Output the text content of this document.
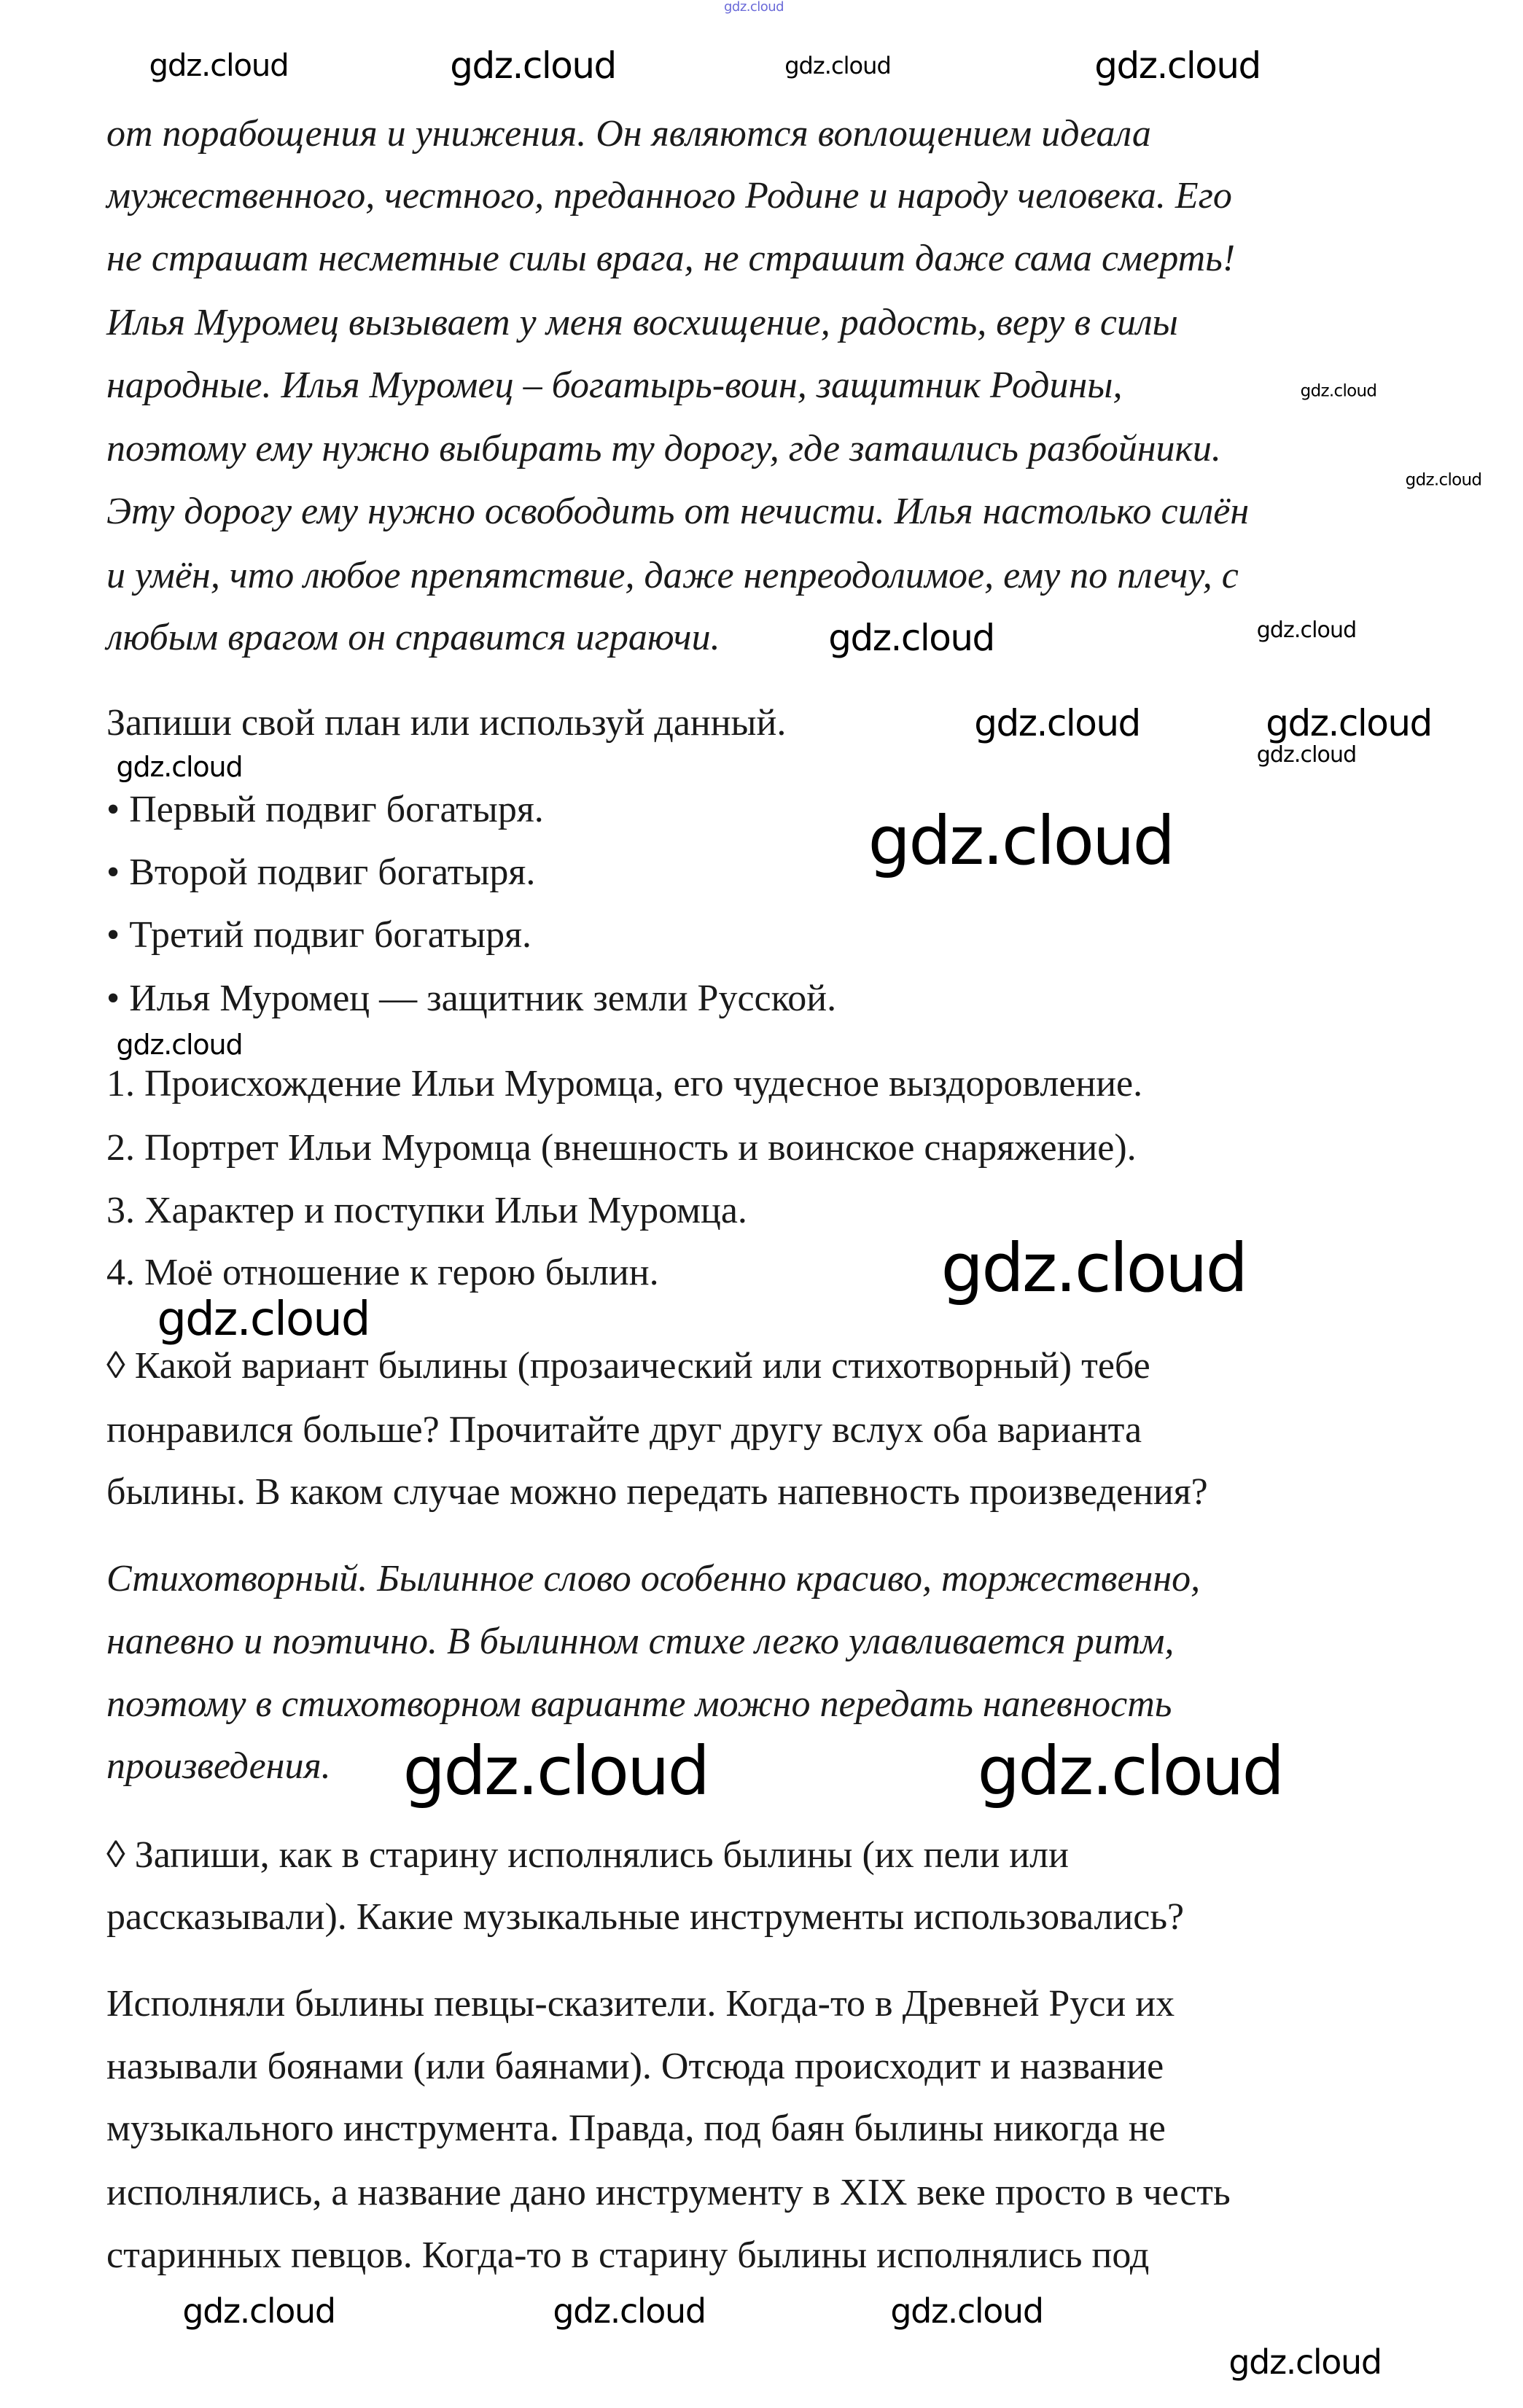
от порабощения и унижения. Он являются воплощением идеала
мужественного, честного, преданного Родине и народу человека. Его
не страшат несметные силы врага, не страшит даже сама смерть!
Илья Муромец вызывает у меня восхищение, радость, веру в силы
народные. Илья Муромец – богатырь-воин, защитник Родины,
поэтому ему нужно выбирать ту дорогу, где затаились разбойники.
Эту дорогу ему нужно освободить от нечисти. Илья настолько силён
и умён, что любое препятствие, даже непреодолимое, ему по плечу, с
любым врагом он справится играючи.
Запиши свой план или используй данный.
• Первый подвиг богатыря.
• Второй подвиг богатыря.
• Третий подвиг богатыря.
• Илья Муромец — защитник земли Русской.
1. Происхождение Ильи Муромца, его чудесное выздоровление.
2. Портрет Ильи Муромца (внешность и воинское снаряжение).
3. Характер и поступки Ильи Муромца.
4. Моё отношение к герою былин.
◊ Какой вариант былины (прозаический или стихотворный) тебе
понравился больше? Прочитайте друг другу вслух оба варианта
былины. В каком случае можно передать напевность произведения?
Стихотворный. Былинное слово особенно красиво, торжественно,
напевно и поэтично. В былинном стихе легко улавливается ритм,
поэтому в стихотворном варианте можно передать напевность
произведения.
◊ Запиши, как в старину исполнялись былины (их пели или
рассказывали). Какие музыкальные инструменты использовались?
Исполняли былины певцы-сказители. Когда-то в Древней Руси их
называли боянами (или баянами). Отсюда происходит и название
музыкального инструмента. Правда, под баян былины никогда не
исполнялись, а название дано инструменту в XIX веке просто в честь
старинных певцов. Когда-то в старину былины исполнялись под
gdz.cloud
gdz.cloud	gdz.cloud	gdz.cloud	gdz.cloud
gdz.cloud
gdz.cloud
gdz.cloud	gdz.cloud
gdz.cloud
gdz.cloud
gdz.cloud
gdz.cloud
gdz.cloud
gdz.cloud
gdz.cloud
gdz.cloud
gdz.cloud	gdz.cloud
gdz.cloud
gdz.cloud	gdz.cloud	gdz.cloud
